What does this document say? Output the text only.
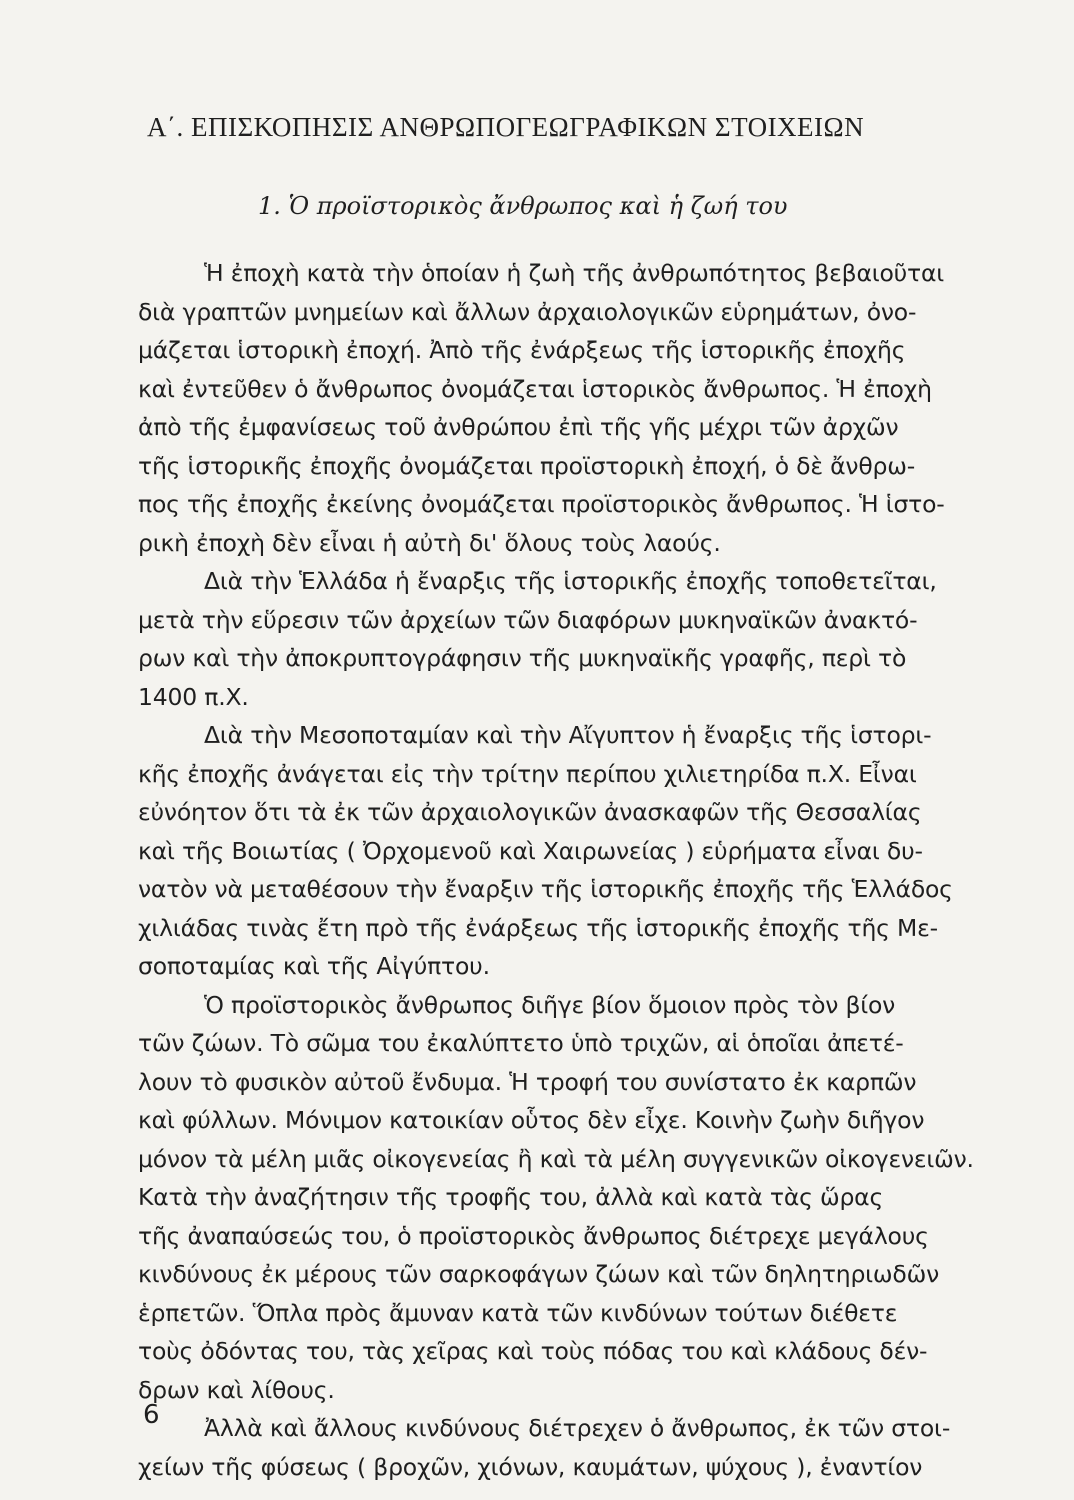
Α΄. ΕΠΙΣΚΟΠΗΣΙΣ ΑΝΘΡΩΠΟΓΕΩΓΡΑΦΙΚΩΝ ΣΤΟΙΧΕΙΩΝ
1. Ὁ προϊστορικὸς ἄνθρωπος καὶ ἡ ζωή του
Ἡ ἐποχὴ κατὰ τὴν ὁποίαν ἡ ζωὴ τῆς ἀνθρωπότητος βεβαιοῦται
διὰ γραπτῶν μνημείων καὶ ἄλλων ἀρχαιολογικῶν εὑρημάτων, ὀνο-
μάζεται ἱστορικὴ ἐποχή. Ἀπὸ τῆς ἐνάρξεως τῆς ἱστορικῆς ἐποχῆς
καὶ ἐντεῦθεν ὁ ἄνθρωπος ὀνομάζεται ἱστορικὸς ἄνθρωπος. Ἡ ἐποχὴ
ἀπὸ τῆς ἐμφανίσεως τοῦ ἀνθρώπου ἐπὶ τῆς γῆς μέχρι τῶν ἀρχῶν
τῆς ἱστορικῆς ἐποχῆς ὀνομάζεται προϊστορικὴ ἐποχή, ὁ δὲ ἄνθρω-
πος τῆς ἐποχῆς ἐκείνης ὀνομάζεται προϊστορικὸς ἄνθρωπος. Ἡ ἱστο-
ρικὴ ἐποχὴ δὲν εἶναι ἡ αὐτὴ δι' ὅλους τοὺς λαούς.
Διὰ τὴν Ἑλλάδα ἡ ἔναρξις τῆς ἱστορικῆς ἐποχῆς τοποθετεῖται,
μετὰ τὴν εὕρεσιν τῶν ἀρχείων τῶν διαφόρων μυκηναϊκῶν ἀνακτό-
ρων καὶ τὴν ἀποκρυπτογράφησιν τῆς μυκηναϊκῆς γραφῆς, περὶ τὸ
1400 π.Χ.
Διὰ τὴν Μεσοποταμίαν καὶ τὴν Αἴγυπτον ἡ ἔναρξις τῆς ἱστορι-
κῆς ἐποχῆς ἀνάγεται εἰς τὴν τρίτην περίπου χιλιετηρίδα π.Χ. Εἶναι
εὐνόητον ὅτι τὰ ἐκ τῶν ἀρχαιολογικῶν ἀνασκαφῶν τῆς Θεσσαλίας
καὶ τῆς Βοιωτίας ( Ὀρχομενοῦ καὶ Χαιρωνείας ) εὑρήματα εἶναι δυ-
νατὸν νὰ μεταθέσουν τὴν ἔναρξιν τῆς ἱστορικῆς ἐποχῆς τῆς Ἑλλάδος
χιλιάδας τινὰς ἔτη πρὸ τῆς ἐνάρξεως τῆς ἱστορικῆς ἐποχῆς τῆς Με-
σοποταμίας καὶ τῆς Αἰγύπτου.
Ὁ προϊστορικὸς ἄνθρωπος διῆγε βίον ὅμοιον πρὸς τὸν βίον
τῶν ζώων. Τὸ σῶμα του ἐκαλύπτετο ὑπὸ τριχῶν, αἱ ὁποῖαι ἀπετέ-
λουν τὸ φυσικὸν αὐτοῦ ἔνδυμα. Ἡ τροφή του συνίστατο ἐκ καρπῶν
καὶ φύλλων. Μόνιμον κατοικίαν οὗτος δὲν εἶχε. Κοινὴν ζωὴν διῆγον
μόνον τὰ μέλη μιᾶς οἰκογενείας ἢ καὶ τὰ μέλη συγγενικῶν οἰκογενειῶν.
Κατὰ τὴν ἀναζήτησιν τῆς τροφῆς του, ἀλλὰ καὶ κατὰ τὰς ὥρας
τῆς ἀναπαύσεώς του, ὁ προϊστορικὸς ἄνθρωπος διέτρεχε μεγάλους
κινδύνους ἐκ μέρους τῶν σαρκοφάγων ζώων καὶ τῶν δηλητηριωδῶν
ἑρπετῶν. Ὅπλα πρὸς ἄμυναν κατὰ τῶν κινδύνων τούτων διέθετε
τοὺς ὀδόντας του, τὰς χεῖρας καὶ τοὺς πόδας του καὶ κλάδους δέν-
δρων καὶ λίθους.
Ἀλλὰ καὶ ἄλλους κινδύνους διέτρεχεν ὁ ἄνθρωπος, ἐκ τῶν στοι-
χείων τῆς φύσεως ( βροχῶν, χιόνων, καυμάτων, ψύχους ), ἐναντίον
6
